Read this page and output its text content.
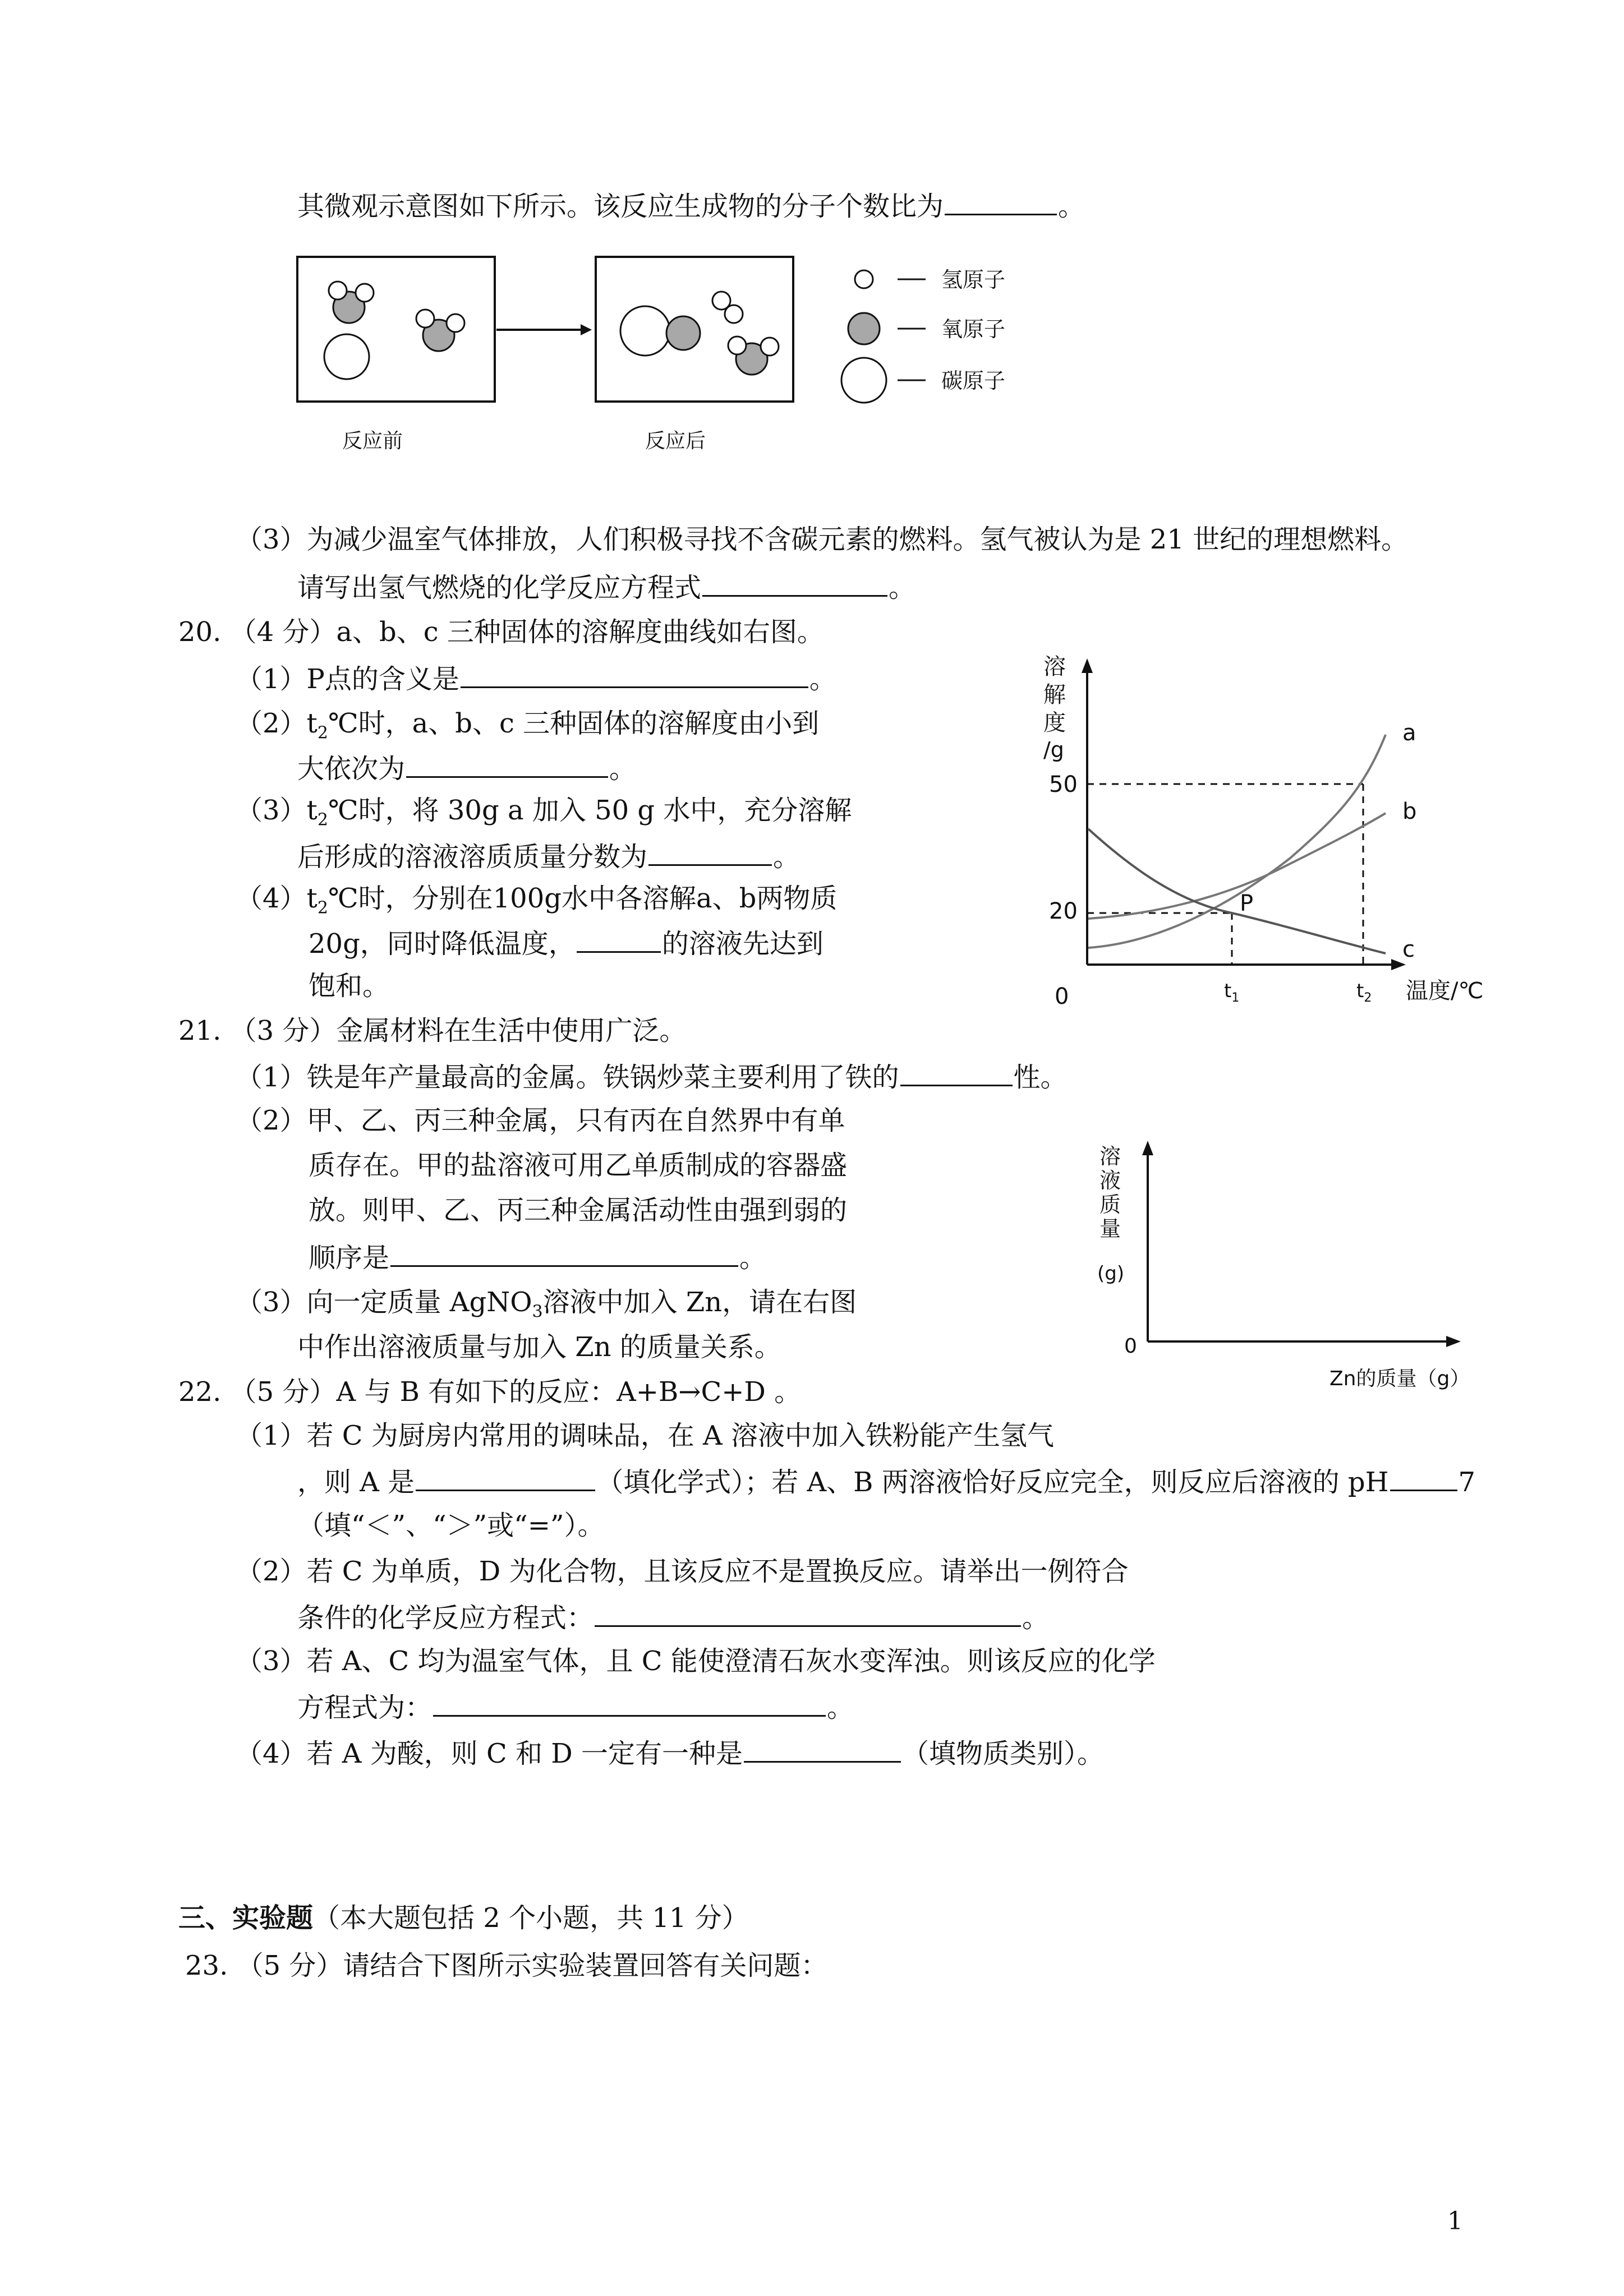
其微观示意图如下所示。该反应生成物的分子个数比为	。
氢原子
氧原子
碳原子
反应前	反应后
（3）为减少温室气体排放，人们积极寻找不含碳元素的燃料。氢气被认为是 21 世纪的理想燃料。
请写出氢气燃烧的化学反应方程式	。
20. （4 分）a、b、c 三种固体的溶解度曲线如右图。
（1）P点的含义是	。
$(2)t_2℃$时，a、b、c 三种固体的溶解度由小到
大依次为	。
$(3)t_2℃$时，将 30g a 加入 50 g 水中，充分溶解
后形成的溶液溶质质量分数为	。
$(4)t_2℃$时，分别在100g水中各溶解a、b两物质
20g，同时降低温度，	的溶液先达到
饱和。
溶
解
度
/g
50
20
0
P
a
b
c
$t_1$	$t_2$ 温度/℃
21. （3 分）金属材料在生活中使用广泛。
（1）铁是年产量最高的金属。铁锅炒菜主要利用了铁的	性。
（2）甲、乙、丙三种金属，只有丙在自然界中有单
质存在。甲的盐溶液可用乙单质制成的容器盛
放。则甲、乙、丙三种金属活动性由强到弱的
顺序是	。
（3）向一定质量 AgNO$_3$溶液中加入 Zn，请在右图
中作出溶液质量与加入 Zn 的质量关系。
溶
液
质
量
(g)
0
Zn的质量（g）
22. （5 分）A 与 B 有如下的反应：A+B→C+D 。
（1）若 C 为厨房内常用的调味品，在 A 溶液中加入铁粉能产生氢气
，则 A 是	（填化学式）；若 A、B 两溶液恰好反应完全，则反应后溶液的 pH	7
（填“＜”、“＞”或“=”）。
（2）若 C 为单质，D 为化合物，且该反应不是置换反应。请举出一例符合
条件的化学反应方程式：	。
（3）若 A、C 均为温室气体，且 C 能使澄清石灰水变浑浊。则该反应的化学
方程式为：	。
（4）若 A 为酸，则 C 和 D 一定有一种是	（填物质类别）。
三、实验题（本大题包括 2 个小题，共 11 分）
23. （5 分）请结合下图所示实验装置回答有关问题：
1
